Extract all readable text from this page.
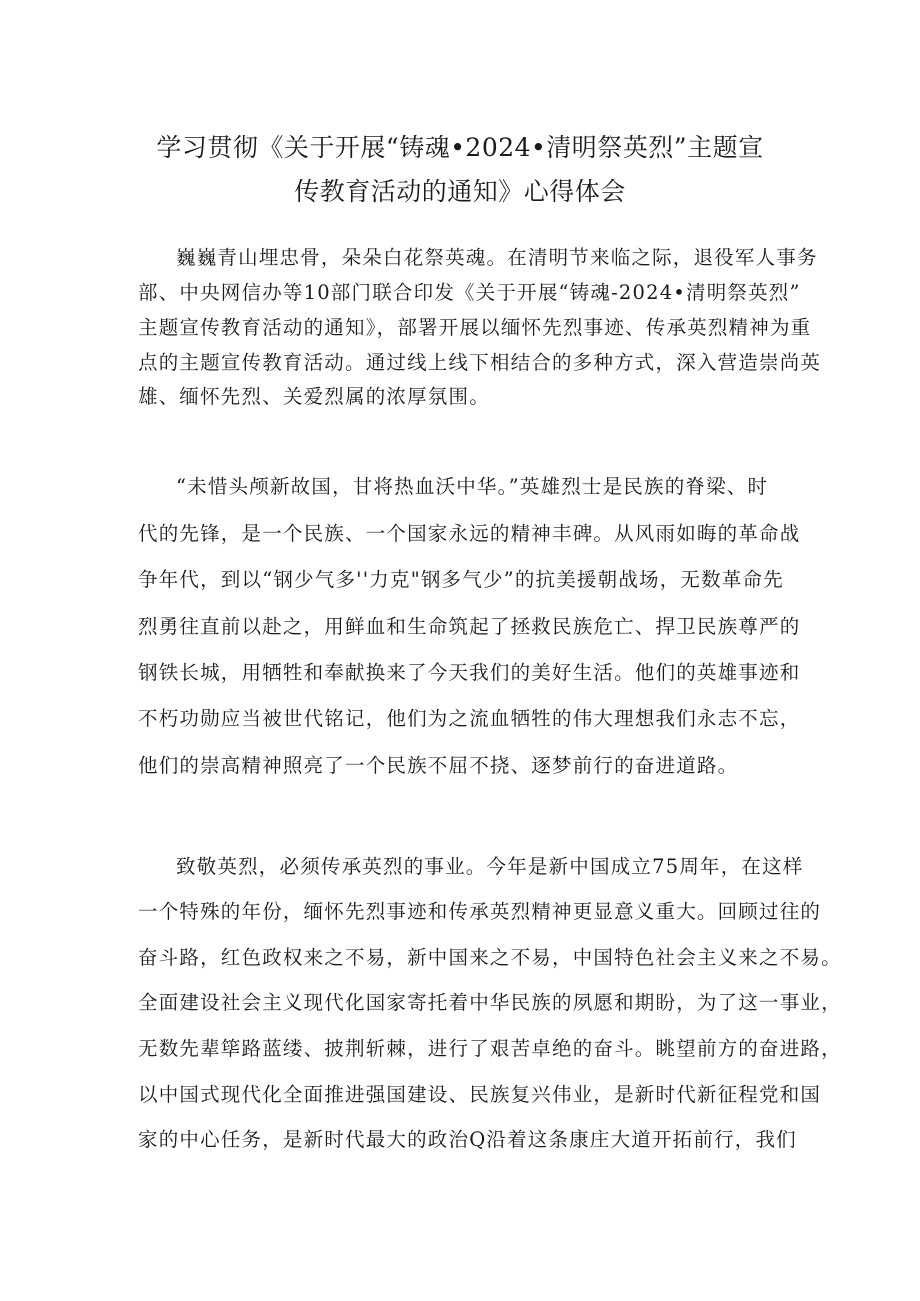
学习贯彻《关于开展“铸魂•2024•清明祭英烈”主题宣
传教育活动的通知》心得体会
巍巍青山埋忠骨，朵朵白花祭英魂。在清明节来临之际，退役军人事务
部、中央网信办等10部门联合印发《关于开展“铸魂-2024•清明祭英烈”
主题宣传教育活动的通知》，部署开展以缅怀先烈事迹、传承英烈精神为重
点的主题宣传教育活动。通过线上线下相结合的多种方式，深入营造崇尚英
雄、缅怀先烈、关爱烈属的浓厚氛围。
“未惜头颅新故国，甘将热血沃中华。”英雄烈士是民族的脊梁、时
代的先锋，是一个民族、一个国家永远的精神丰碑。从风雨如晦的革命战
争年代，到以“钢少气多''力克"钢多气少”的抗美援朝战场，无数革命先
烈勇往直前以赴之，用鲜血和生命筑起了拯救民族危亡、捍卫民族尊严的
钢铁长城，用牺牲和奉献换来了今天我们的美好生活。他们的英雄事迹和
不朽功勋应当被世代铭记，他们为之流血牺牲的伟大理想我们永志不忘，
他们的崇高精神照亮了一个民族不屈不挠、逐梦前行的奋进道路。
致敬英烈，必须传承英烈的事业。今年是新中国成立75周年，在这样
一个特殊的年份，缅怀先烈事迹和传承英烈精神更显意义重大。回顾过往的
奋斗路，红色政权来之不易，新中国来之不易，中国特色社会主义来之不易。
全面建设社会主义现代化国家寄托着中华民族的夙愿和期盼，为了这一事业，
无数先辈筚路蓝缕、披荆斩棘，进行了艰苦卓绝的奋斗。眺望前方的奋进路，
以中国式现代化全面推进强国建设、民族复兴伟业，是新时代新征程党和国
家的中心任务，是新时代最大的政治Q沿着这条康庄大道开拓前行，我们
